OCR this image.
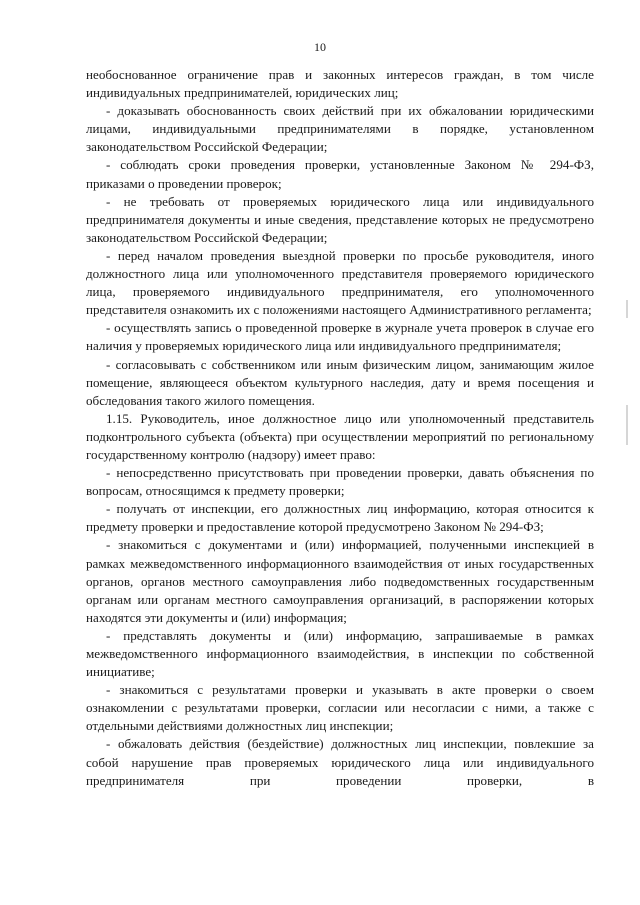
10

необоснованное ограничение прав и законных интересов граждан, в том числе индивидуальных предпринимателей, юридических лиц;

- доказывать обоснованность своих действий при их обжаловании юридическими лицами, индивидуальными предпринимателями в порядке, установленном законодательством Российской Федерации;

- соблюдать сроки проведения проверки, установленные Законом № 294-ФЗ, приказами о проведении проверок;

- не требовать от проверяемых юридического лица или индивидуального предпринимателя документы и иные сведения, представление которых не предусмотрено законодательством Российской Федерации;

- перед началом проведения выездной проверки по просьбе руководителя, иного должностного лица или уполномоченного представителя проверяемого юридического лица, проверяемого индивидуального предпринимателя, его уполномоченного представителя ознакомить их с положениями настоящего Административного регламента;

- осуществлять запись о проведенной проверке в журнале учета проверок в случае его наличия у проверяемых юридического лица или индивидуального предпринимателя;

- согласовывать с собственником или иным физическим лицом, занимающим жилое помещение, являющееся объектом культурного наследия, дату и время посещения и обследования такого жилого помещения.

1.15. Руководитель, иное должностное лицо или уполномоченный представитель подконтрольного субъекта (объекта) при осуществлении мероприятий по региональному государственному контролю (надзору) имеет право:

- непосредственно присутствовать при проведении проверки, давать объяснения по вопросам, относящимся к предмету проверки;

- получать от инспекции, его должностных лиц информацию, которая относится к предмету проверки и предоставление которой предусмотрено Законом № 294-ФЗ;

- знакомиться с документами и (или) информацией, полученными инспекцией в рамках межведомственного информационного взаимодействия от иных государственных органов, органов местного самоуправления либо подведомственных государственным органам или органам местного самоуправления организаций, в распоряжении которых находятся эти документы и (или) информация;

- представлять документы и (или) информацию, запрашиваемые в рамках межведомственного информационного взаимодействия, в инспекции по собственной инициативе;

- знакомиться с результатами проверки и указывать в акте проверки о своем ознакомлении с результатами проверки, согласии или несогласии с ними, а также с отдельными действиями должностных лиц инспекции;

- обжаловать действия (бездействие) должностных лиц инспекции, повлекшие за собой нарушение прав проверяемых юридического лица или индивидуального предпринимателя при проведении проверки, в
